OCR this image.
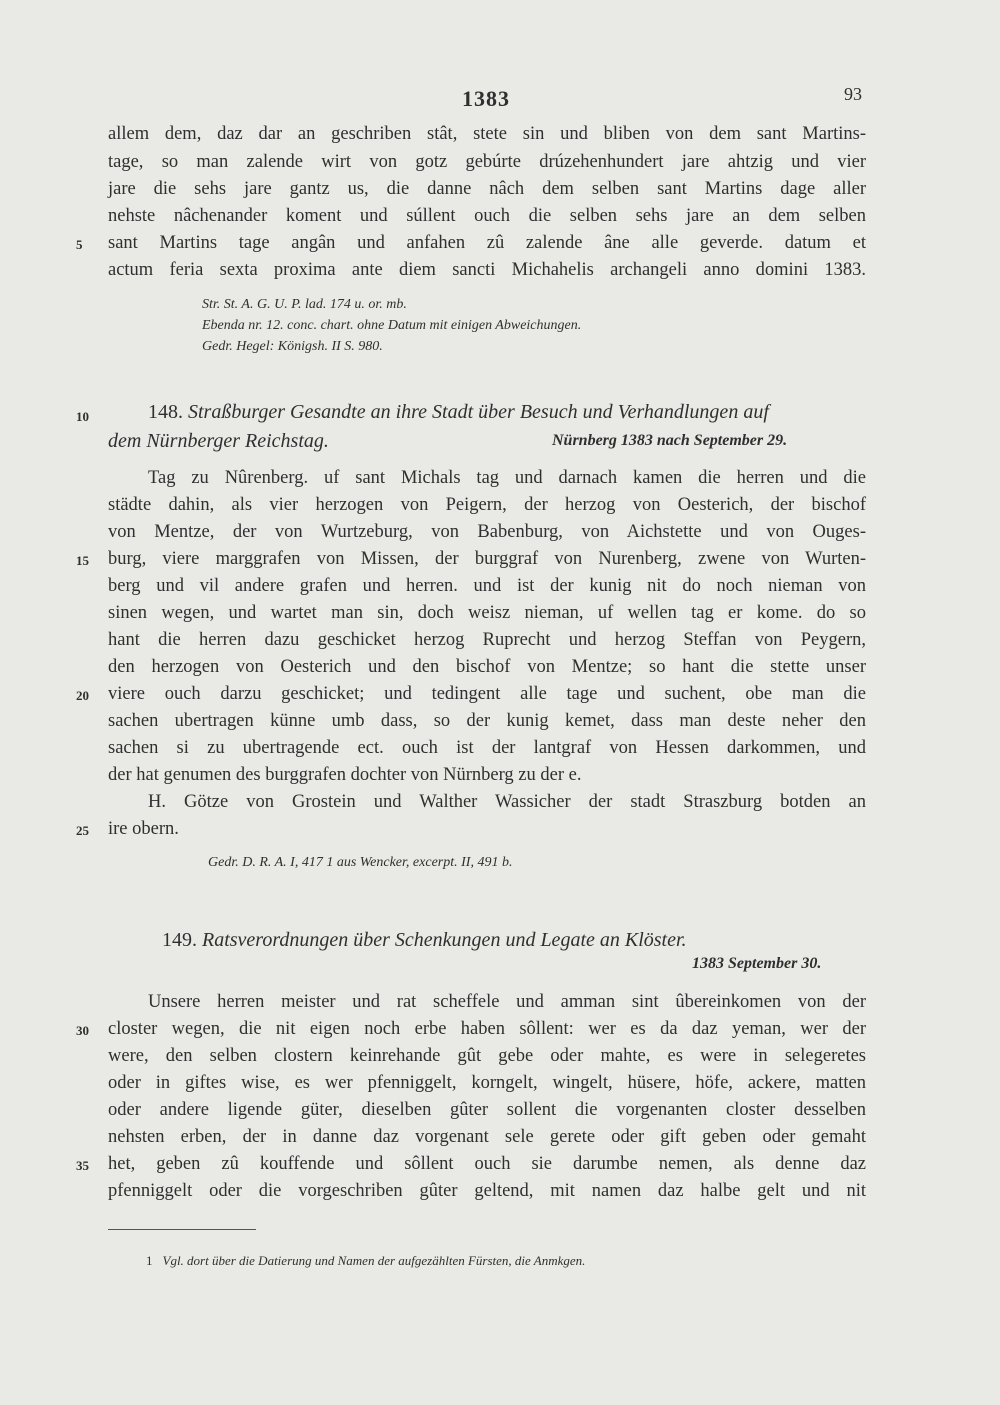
1383	93
allem dem, daz dar an geschriben stât, stete sin und bliben von dem sant Martins-
tage, so man zalende wirt von gotz gebúrte drúzehenhundert jare ahtzig und vier
jare die sehs jare gantz us, die danne nâch dem selben sant Martins dage aller
nehste nâchenander koment und súllent ouch die selben sehs jare an dem selben
sant Martins tage angân und anfahen zû zalende âne alle geverde. datum et
actum feria sexta proxima ante diem sancti Michahelis archangeli anno domini 1383.
Str. St. A. G. U. P. lad. 174 u. or. mb.
Ebenda nr. 12. conc. chart. ohne Datum mit einigen Abweichungen.
Gedr. Hegel: Königsh. II S. 980.
148. Straßburger Gesandte an ihre Stadt über Besuch und Verhandlungen auf
dem Nürnberger Reichstag.	Nürnberg 1383 nach September 29.
Tag zu Nûrenberg. uf sant Michals tag und darnach kamen die herren und die
städte dahin, als vier herzogen von Peigern, der herzog von Oesterich, der bischof
von Mentze, der von Wurtzeburg, von Babenburg, von Aichstette und von Ouges-
burg, viere marggrafen von Missen, der burggraf von Nurenberg, zwene von Wurten-
berg und vil andere grafen und herren. und ist der kunig nit do noch nieman von
sinen wegen, und wartet man sin, doch weisz nieman, uf wellen tag er kome. do so
hant die herren dazu geschicket herzog Ruprecht und herzog Steffan von Peygern,
den herzogen von Oesterich und den bischof von Mentze; so hant die stette unser
viere ouch darzu geschicket; und tedingent alle tage und suchent, obe man die
sachen ubertragen künne umb dass, so der kunig kemet, dass man deste neher den
sachen si zu ubertragende ect. ouch ist der lantgraf von Hessen darkommen, und
der hat genumen des burggrafen dochter von Nürnberg zu der e.
H. Götze von Grostein und Walther Wassicher der stadt Straszburg botden an
ire obern.
Gedr. D. R. A. I, 417 1 aus Wencker, excerpt. II, 491 b.
149. Ratsverordnungen über Schenkungen und Legate an Klöster.
1383 September 30.
Unsere herren meister und rat scheffele und amman sint ûbereinkomen von der
closter wegen, die nit eigen noch erbe haben sôllent: wer es da daz yeman, wer der
were, den selben clostern keinrehande gût gebe oder mahte, es were in selegeretes
oder in giftes wise, es wer pfenniggelt, korngelt, wingelt, hüsere, höfe, ackere, matten
oder andere ligende güter, dieselben gûter sollent die vorgenanten closter desselben
nehsten erben, der in danne daz vorgenant sele gerete oder gift geben oder gemaht
het, geben zû kouffende und sôllent ouch sie darumbe nemen, als denne daz
pfenniggelt oder die vorgeschriben gûter geltend, mit namen daz halbe gelt und nit
5
10
15
20
25
30
35
1 Vgl. dort über die Datierung und Namen der aufgezählten Fürsten, die Anmkgen.
